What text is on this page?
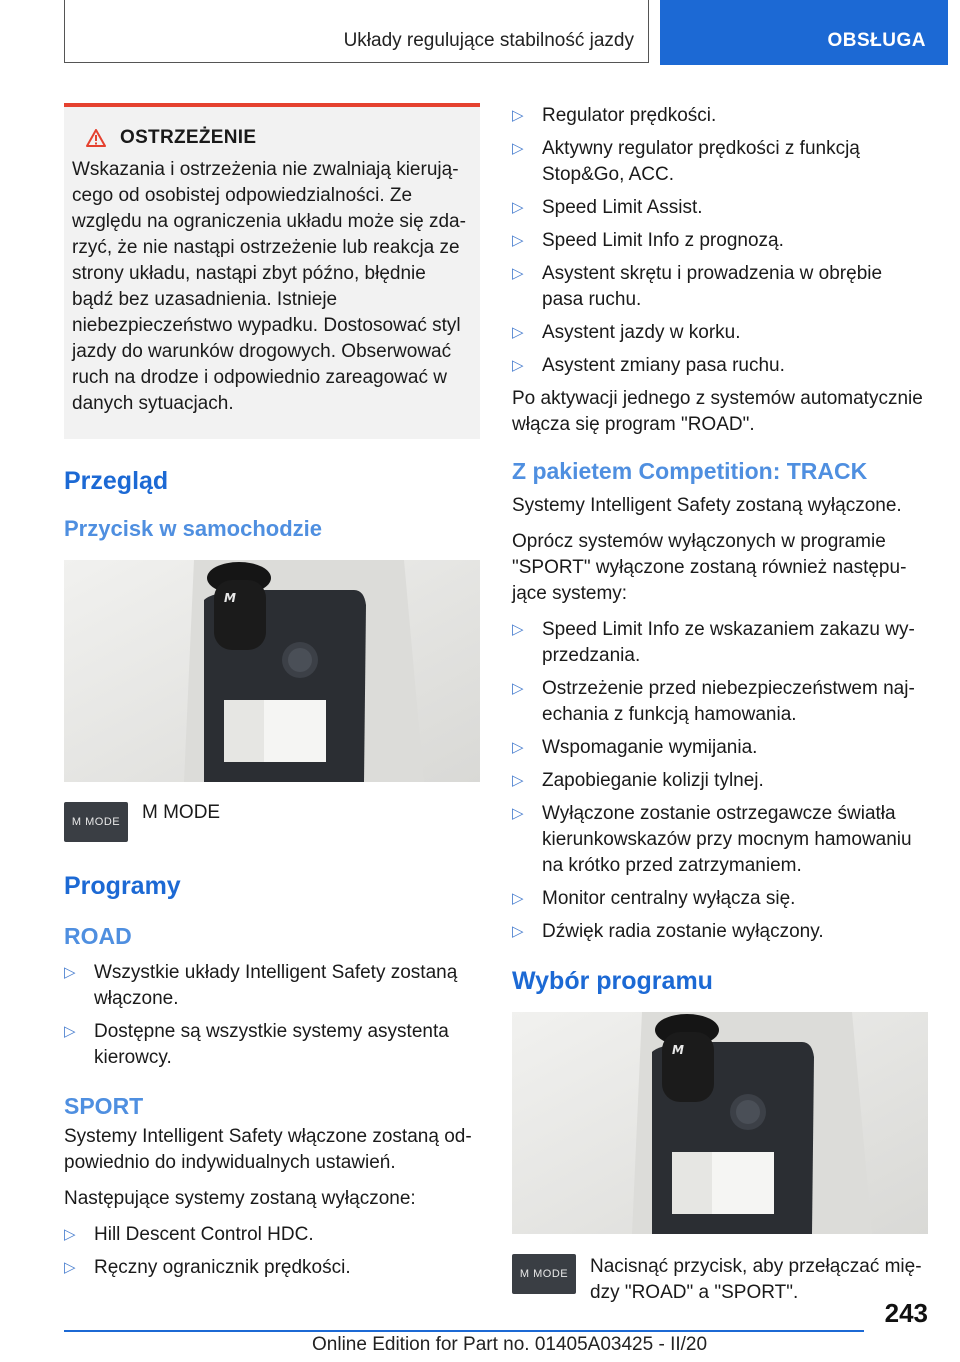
Układy regulujące stabilność jazdy	OBSŁUGA
OSTRZEŻENIE
Wskazania i ostrzeżenia nie zwalniają kierującego od osobistej odpowiedzialności. Ze względu na ograniczenia układu może się zdarzyć, że nie nastąpi ostrzeżenie lub reakcja ze strony układu, nastąpi zbyt późno, błędnie bądź bez uzasadnienia. Istnieje niebezpieczeństwo wypadku. Dostosować styl jazdy do warunków drogowych. Obserwować ruch na drodze i odpowiednio zareagować w danych sytuacjach.
Przegląd
Przycisk w samochodzie
M
M MODE M MODE
Programy
ROAD
▷ Wszystkie układy Intelligent Safety zostaną włączone.
▷ Dostępne są wszystkie systemy asystenta kierowcy.
SPORT

Systemy Intelligent Safety włączone zostaną odpowiednio do indywidualnych ustawień.

Następujące systemy zostaną wyłączone:

▷ Hill Descent Control HDC.
▷ Ręczny ogranicznik prędkości.
▷ Regulator prędkości.
▷ Aktywny regulator prędkości z funkcją Stop&Go, ACC.
▷ Speed Limit Assist.
▷ Speed Limit Info z prognozą.
▷ Asystent skrętu i prowadzenia w obrębie pasa ruchu.
▷ Asystent jazdy w korku.
▷ Asystent zmiany pasa ruchu.

Po aktywacji jednego z systemów automatycznie włącza się program "ROAD".

Z pakietem Competition: TRACK

Systemy Intelligent Safety zostaną wyłączone.

Oprócz systemów wyłączonych w programie "SPORT" wyłączone zostaną również następujące systemy:

▷ Speed Limit Info ze wskazaniem zakazu wyprzedzania.
▷ Ostrzeżenie przed niebezpieczeństwem najechania z funkcją hamowania.
▷ Wspomaganie wymijania.
▷ Zapobieganie kolizji tylnej.
▷ Wyłączone zostanie ostrzegawcze światła kierunkowskazów przy mocnym hamowaniu na krótko przed zatrzymaniem.
▷ Monitor centralny wyłącza się.
▷ Dźwięk radia zostanie wyłączony.
Wybór programu
M
M MODE Nacisnąć przycisk, aby przełączać między "ROAD" a "SPORT".
243
Online Edition for Part no. 01405A03425 - II/20
